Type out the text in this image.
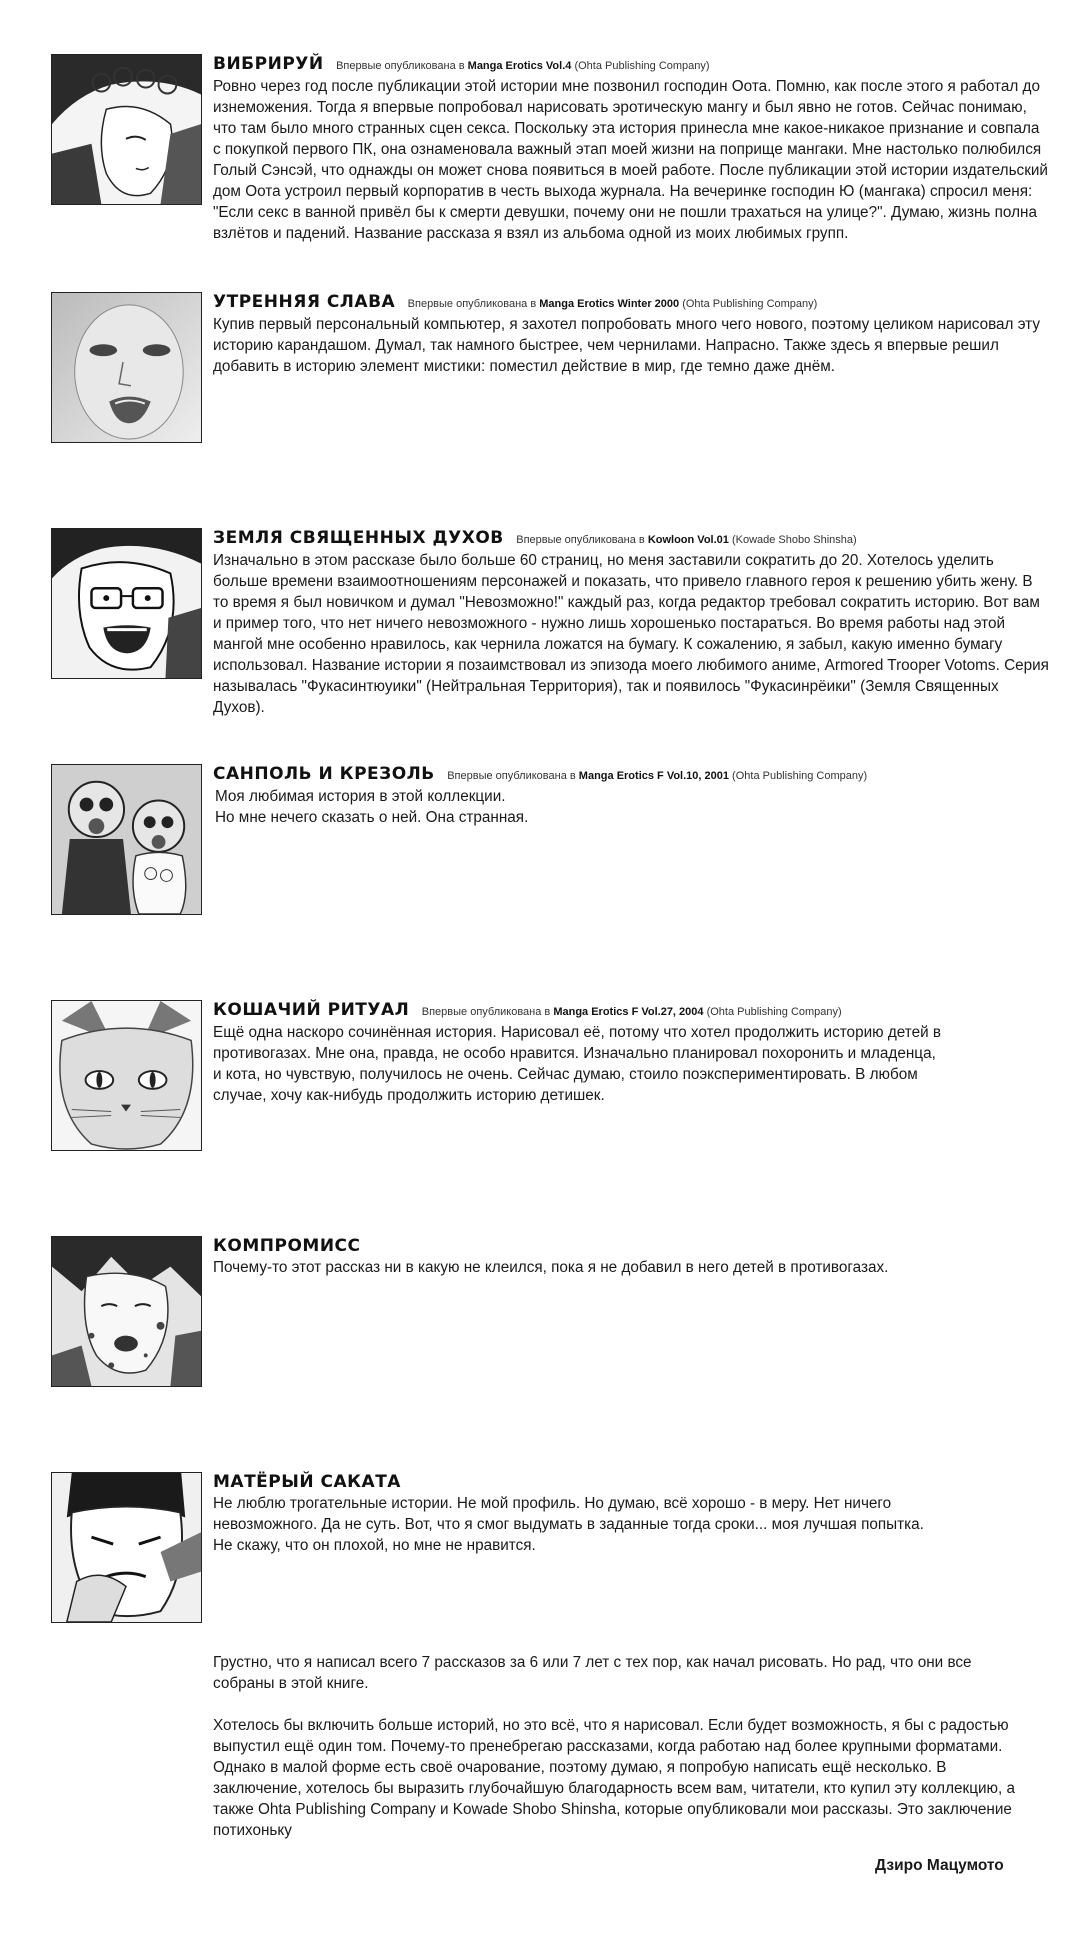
ВИБРИРУЙ Впервые опубликована в Manga Erotics Vol.4 (Ohta Publishing Company)

Ровно через год после публикации этой истории мне позвонил господин Оота. Помню, как после этого я работал до изнеможения. Тогда я впервые попробовал нарисовать эротическую мангу и был явно не готов. Сейчас понимаю, что там было много странных сцен секса. Поскольку эта история принесла мне какое-никакое признание и совпала с покупкой первого ПК, она ознаменовала важный этап моей жизни на поприще мангаки. Мне настолько полюбился Голый Сэнсэй, что однажды он может снова появиться в моей работе. После публикации этой истории издательский дом Оота устроил первый корпоратив в честь выхода журнала. На вечеринке господин Ю (мангака) спросил меня: "Если секс в ванной привёл бы к смерти девушки, почему они не пошли трахаться на улице?". Думаю, жизнь полна взлётов и падений. Название рассказа я взял из альбома одной из моих любимых групп.

УТРЕННЯЯ СЛАВА Впервые опубликована в Manga Erotics Winter 2000 (Ohta Publishing Company)

Купив первый персональный компьютер, я захотел попробовать много чего нового, поэтому целиком нарисовал эту историю карандашом. Думал, так намного быстрее, чем чернилами. Напрасно. Также здесь я впервые решил добавить в историю элемент мистики: поместил действие в мир, где темно даже днём.

ЗЕМЛЯ СВЯЩЕННЫХ ДУХОВ Впервые опубликована в Kowloon Vol.01 (Kowade Shobo Shinsha)

Изначально в этом рассказе было больше 60 страниц, но меня заставили сократить до 20. Хотелось уделить больше времени взаимоотношениям персонажей и показать, что привело главного героя к решению убить жену. В то время я был новичком и думал "Невозможно!" каждый раз, когда редактор требовал сократить историю. Вот вам и пример того, что нет ничего невозможного - нужно лишь хорошенько постараться. Во время работы над этой мангой мне особенно нравилось, как чернила ложатся на бумагу. К сожалению, я забыл, какую именно бумагу использовал. Название истории я позаимствовал из эпизода моего любимого аниме, Armored Trooper Votoms. Серия называлась "Фукасинтюуики" (Нейтральная Территория), так и появилось "Фукасинрёики" (Земля Священных Духов).

САНПОЛЬ И КРЕЗОЛЬ Впервые опубликована в Manga Erotics F Vol.10, 2001 (Ohta Publishing Company)

Моя любимая история в этой коллекции.
Но мне нечего сказать о ней. Она странная.

КОШАЧИЙ РИТУАЛ Впервые опубликована в Manga Erotics F Vol.27, 2004 (Ohta Publishing Company)

Ещё одна наскоро сочинённая история. Нарисовал её, потому что хотел продолжить историю детей в противогазах. Мне она, правда, не особо нравится. Изначально планировал похоронить и младенца, и кота, но чувствую, получилось не очень. Сейчас думаю, стоило поэкспериментировать. В любом случае, хочу как-нибудь продолжить историю детишек.

КОМПРОМИСС

Почему-то этот рассказ ни в какую не клеился, пока я не добавил в него детей в противогазах.

МАТЁРЫЙ САКАТА

Не люблю трогательные истории. Не мой профиль. Но думаю, всё хорошо - в меру. Нет ничего невозможного. Да не суть. Вот, что я смог выдумать в заданные тогда сроки... моя лучшая попытка. Не скажу, что он плохой, но мне не нравится.

Грустно, что я написал всего 7 рассказов за 6 или 7 лет с тех пор, как начал рисовать. Но рад, что они все собраны в этой книге.

Хотелось бы включить больше историй, но это всё, что я нарисовал. Если будет возможность, я бы с радостью выпустил ещё один том. Почему-то пренебрегаю рассказами, когда работаю над более крупными форматами. Однако в малой форме есть своё очарование, поэтому думаю, я попробую написать ещё несколько. В заключение, хотелось бы выразить глубочайшую благодарность всем вам, читатели, кто купил эту коллекцию, а также Ohta Publishing Company и Kowade Shobo Shinsha, которые опубликовали мои рассказы. Это заключение потихоньку

Дзиро Мацумото
